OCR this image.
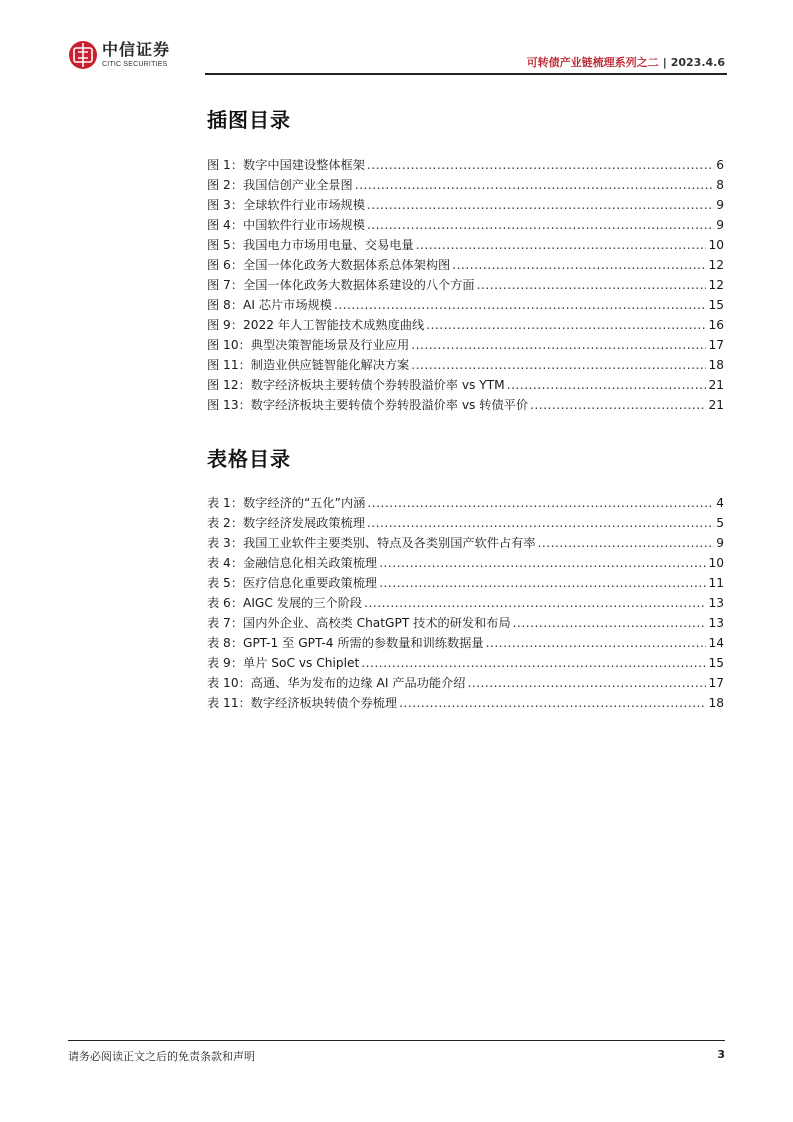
中信证券
CITIC SECURITIES	可转债产业链梳理系列之二 | 2023.4.6
插图目录
图 1：数字中国建设整体框架 .....	6
图 2：我国信创产业全景图 .....	8
图 3：全球软件行业市场规模 .....	9
图 4：中国软件行业市场规模 .....	9
图 5：我国电力市场用电量、交易电量 .....	10
图 6：全国一体化政务大数据体系总体架构图 .....	12
图 7：全国一体化政务大数据体系建设的八个方面 .....	12
图 8：AI 芯片市场规模 .....	15
图 9：2022 年人工智能技术成熟度曲线 .....	16
图 10：典型决策智能场景及行业应用 .....	17
图 11：制造业供应链智能化解决方案 .....	18
图 12：数字经济板块主要转债个券转股溢价率 vs YTM .....	21
图 13：数字经济板块主要转债个券转股溢价率 vs 转债平价 .....	21
表格目录
表 1：数字经济的“五化”内涵 .....	4
表 2：数字经济发展政策梳理 .....	5
表 3：我国工业软件主要类别、特点及各类别国产软件占有率 .....	9
表 4：金融信息化相关政策梳理 .....	10
表 5：医疗信息化重要政策梳理 .....	11
表 6：AIGC 发展的三个阶段 .....	13
表 7：国内外企业、高校类 ChatGPT 技术的研发和布局 .....	13
表 8：GPT-1 至 GPT-4 所需的参数量和训练数据量 .....	14
表 9：单片 SoC vs Chiplet .....	15
表 10：高通、华为发布的边缘 AI 产品功能介绍 .....	17
表 11：数字经济板块转债个券梳理 .....	18
请务必阅读正文之后的免责条款和声明	3
